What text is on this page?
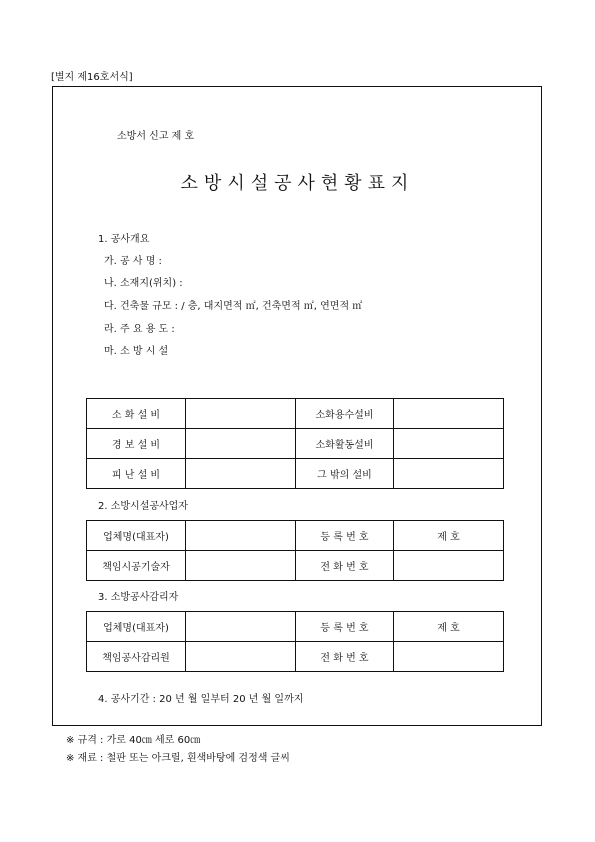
[별지 제16호서식]
소방서 신고 제 호
소방시설공사현황표지
1. 공사개요
가. 공 사 명 :
나. 소재지(위치) :
다. 건축물 규모 : / 층, 대지면적 ㎡, 건축면적 ㎡, 연면적 ㎡
라. 주 요 용 도 :
마. 소 방 시 설
소 화 설 비		소화용수설비	
경 보 설 비		소화활동설비	
피 난 설 비		그 밖의 설비	
2. 소방시설공사업자
업체명(대표자)		등 록 번 호	제 호
책임시공기술자		전 화 번 호	
3. 소방공사감리자
업체명(대표자)		등 록 번 호	제 호
책임공사감리원		전 화 번 호	
4. 공사기간 : 20 년 월 일부터 20 년 월 일까지
※ 규격 : 가로 40㎝ 세로 60㎝
※ 재료 : 철판 또는 아크릴, 흰색바탕에 검정색 글씨
